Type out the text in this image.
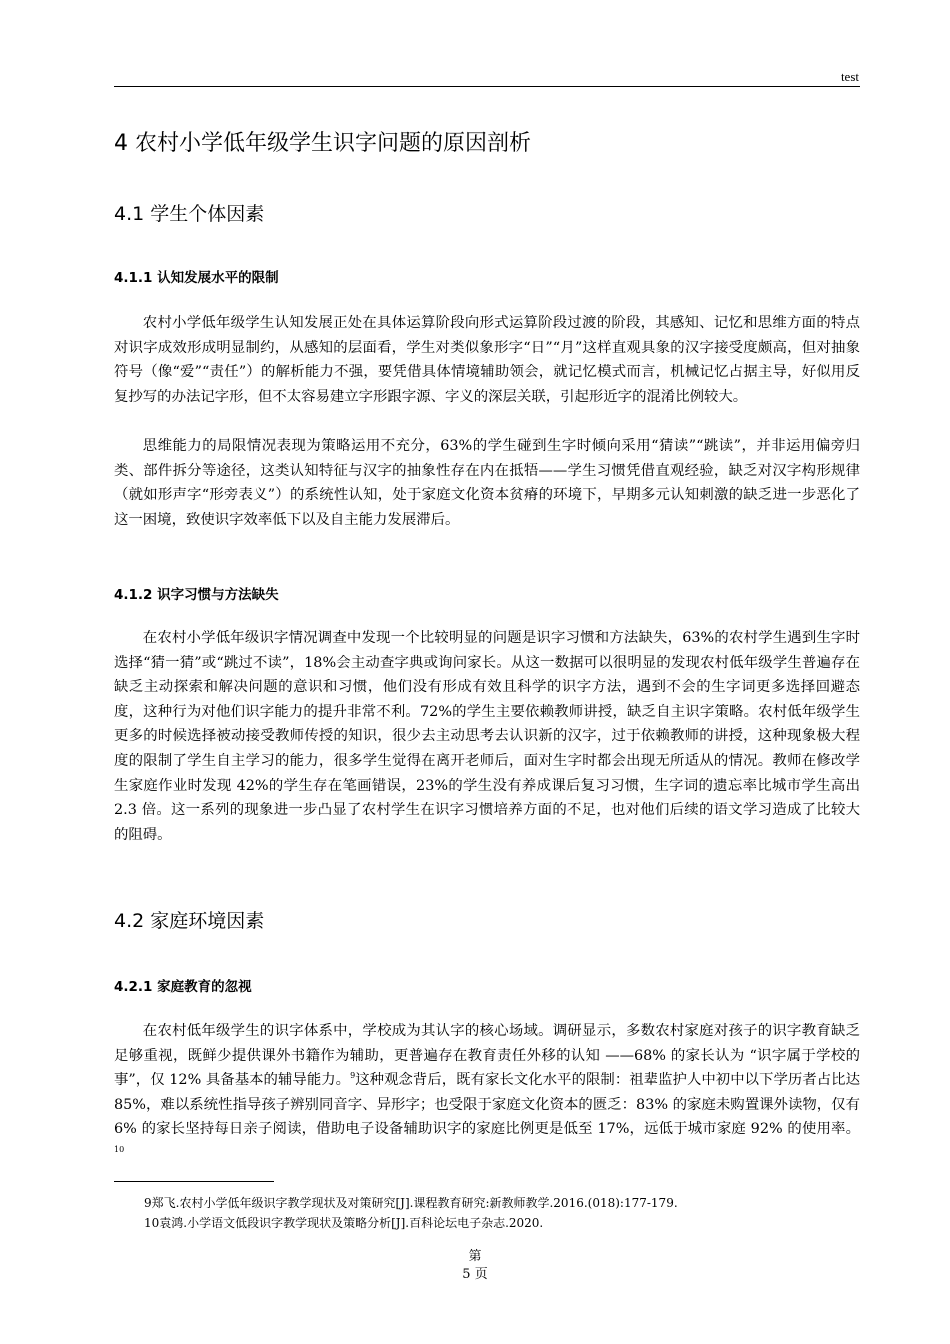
test
4 农村小学低年级学生识字问题的原因剖析
4.1 学生个体因素
4.1.1 认知发展水平的限制

农村小学低年级学生认知发展正处在具体运算阶段向形式运算阶段过渡的阶段，其感知、记忆和思维方面的特点对识字成效形成明显制约，从感知的层面看，学生对类似象形字“日”“月”这样直观具象的汉字接受度颇高，但对抽象符号（像“爱”“责任”）的解析能力不强，要凭借具体情境辅助领会，就记忆模式而言，机械记忆占据主导，好似用反复抄写的办法记字形，但不太容易建立字形跟字源、字义的深层关联，引起形近字的混淆比例较大。

思维能力的局限情况表现为策略运用不充分，63%的学生碰到生字时倾向采用“猜读”“跳读”，并非运用偏旁归类、部件拆分等途径，这类认知特征与汉字的抽象性存在内在抵牾——学生习惯凭借直观经验，缺乏对汉字构形规律（就如形声字“形旁表义”）的系统性认知，处于家庭文化资本贫瘠的环境下，早期多元认知刺激的缺乏进一步恶化了这一困境，致使识字效率低下以及自主能力发展滞后。

4.1.2 识字习惯与方法缺失

在农村小学低年级识字情况调查中发现一个比较明显的问题是识字习惯和方法缺失，63%的农村学生遇到生字时选择“猜一猜”或“跳过不读”，18%会主动查字典或询问家长。从这一数据可以很明显的发现农村低年级学生普遍存在缺乏主动探索和解决问题的意识和习惯，他们没有形成有效且科学的识字方法，遇到不会的生字词更多选择回避态度，这种行为对他们识字能力的提升非常不利。72%的学生主要依赖教师讲授，缺乏自主识字策略。农村低年级学生更多的时候选择被动接受教师传授的知识，很少去主动思考去认识新的汉字，过于依赖教师的讲授，这种现象极大程度的限制了学生自主学习的能力，很多学生觉得在离开老师后，面对生字时都会出现无所适从的情况。教师在修改学生家庭作业时发现 42%的学生存在笔画错误，23%的学生没有养成课后复习习惯，生字词的遗忘率比城市学生高出 2.3 倍。这一系列的现象进一步凸显了农村学生在识字习惯培养方面的不足，也对他们后续的语文学习造成了比较大的阻碍。

4.2 家庭环境因素
4.2.1 家庭教育的忽视

在农村低年级学生的识字体系中，学校成为其认字的核心场域。调研显示，多数农村家庭对孩子的识字教育缺乏足够重视，既鲜少提供课外书籍作为辅助，更普遍存在教育责任外移的认知 ——68% 的家长认为 “识字属于学校的事”，仅 12% 具备基本的辅导能力。$^9$这种观念背后，既有家长文化水平的限制：祖辈监护人中初中以下学历者占比达 85%，难以系统性指导孩子辨别同音字、异形字；也受限于家庭文化资本的匮乏：83% 的家庭未购置课外读物，仅有 6% 的家长坚持每日亲子阅读，借助电子设备辅助识字的家庭比例更是低至 17%，远低于城市家庭 92% 的使用率。$^{10}$

9郑飞.农村小学低年级识字教学现状及对策研究[J].课程教育研究:新教师教学.2016.(018):177-179.

10袁鸿.小学语文低段识字教学现状及策略分析[J].百科论坛电子杂志.2020.

第
5 页
